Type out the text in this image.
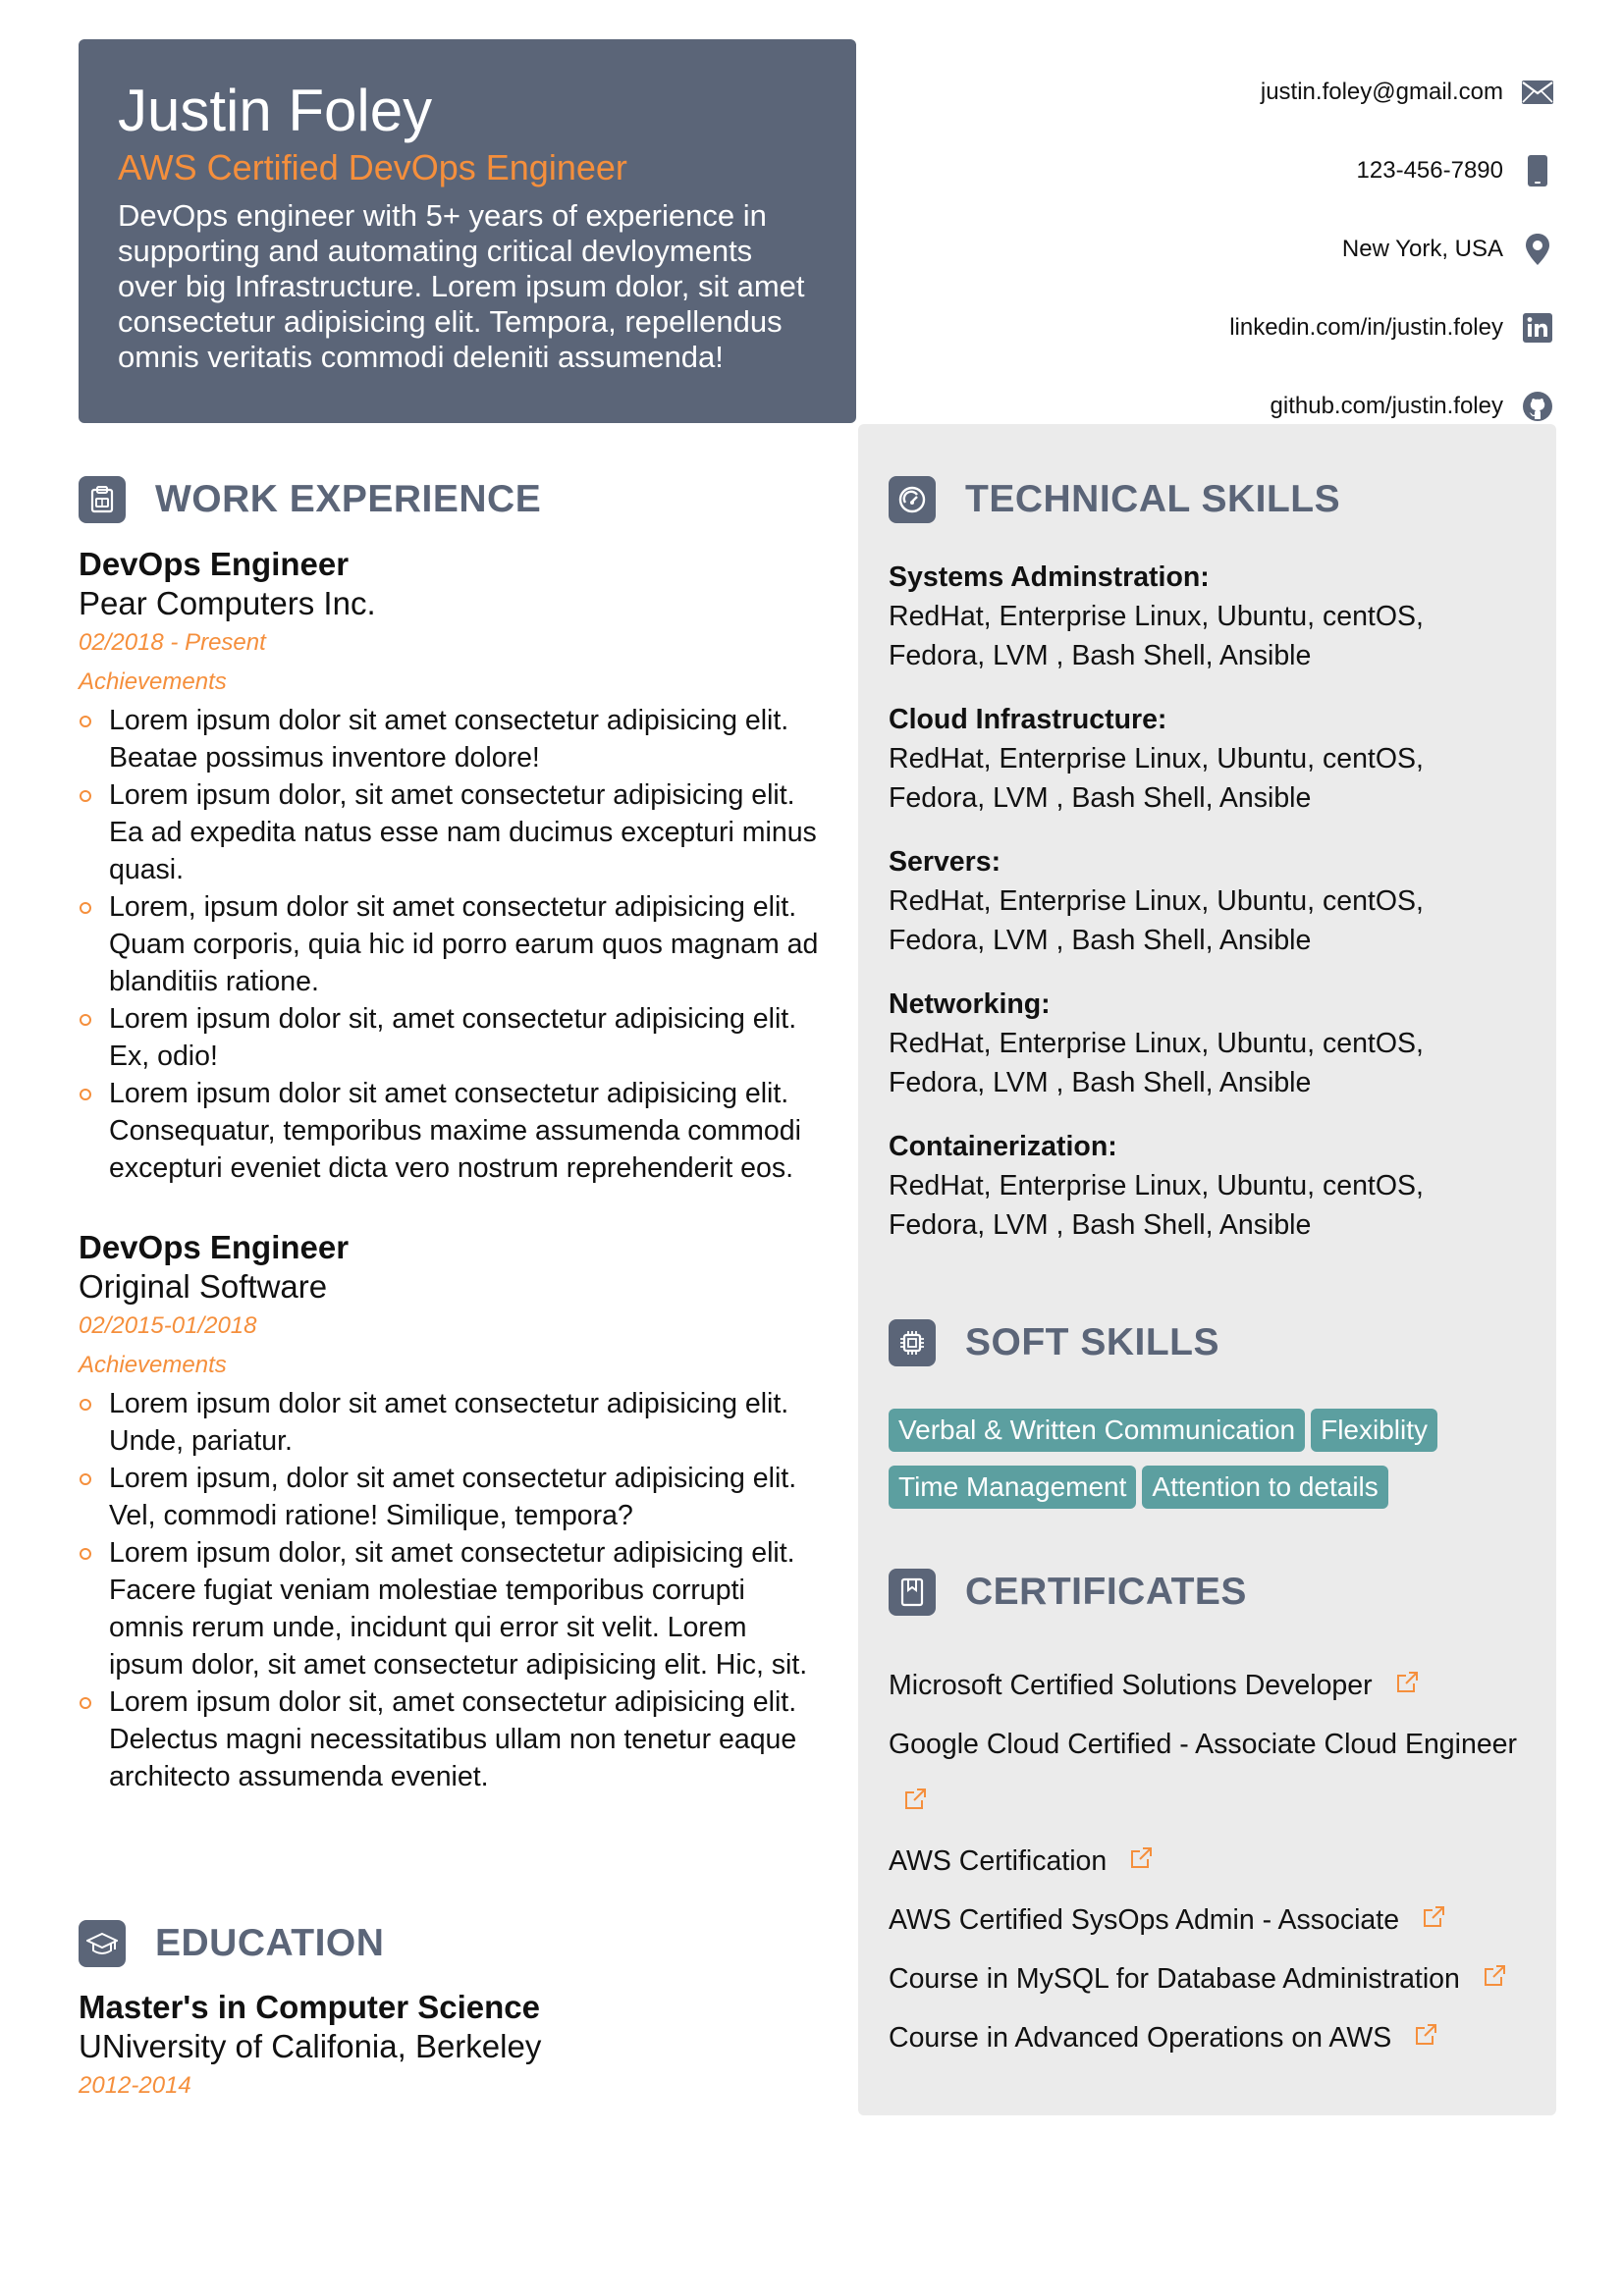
Justin Foley
AWS Certified DevOps Engineer

DevOps engineer with 5+ years of experience in supporting and automating critical devloyments over big Infrastructure. Lorem ipsum dolor, sit amet consectetur adipisicing elit. Tempora, repellendus omnis veritatis commodi deleniti assumenda!

justin.foley@gmail.com
123-456-7890
New York, USA
linkedin.com/in/justin.foley
github.com/justin.foley
WORK EXPERIENCE
DevOps Engineer
Pear Computers Inc.
02/2018 - Present
Achievements
Lorem ipsum dolor sit amet consectetur adipisicing elit. Beatae possimus inventore dolore!
Lorem ipsum dolor, sit amet consectetur adipisicing elit. Ea ad expedita natus esse nam ducimus excepturi minus quasi.
Lorem, ipsum dolor sit amet consectetur adipisicing elit. Quam corporis, quia hic id porro earum quos magnam ad blanditiis ratione.
Lorem ipsum dolor sit, amet consectetur adipisicing elit. Ex, odio!
Lorem ipsum dolor sit amet consectetur adipisicing elit. Consequatur, temporibus maxime assumenda commodi excepturi eveniet dicta vero nostrum reprehenderit eos.
DevOps Engineer
Original Software
02/2015-01/2018
Achievements
Lorem ipsum dolor sit amet consectetur adipisicing elit. Unde, pariatur.
Lorem ipsum, dolor sit amet consectetur adipisicing elit. Vel, commodi ratione! Similique, tempora?
Lorem ipsum dolor, sit amet consectetur adipisicing elit. Facere fugiat veniam molestiae temporibus corrupti omnis rerum unde, incidunt qui error sit velit. Lorem ipsum dolor, sit amet consectetur adipisicing elit. Hic, sit.
Lorem ipsum dolor sit, amet consectetur adipisicing elit. Delectus magni necessitatibus ullam non tenetur eaque architecto assumenda eveniet.
EDUCATION
Master's in Computer Science
UNiversity of Califonia, Berkeley
2012-2014
TECHNICAL SKILLS
Systems Adminstration:
RedHat, Enterprise Linux, Ubuntu, centOS, Fedora, LVM , Bash Shell, Ansible
Cloud Infrastructure:
RedHat, Enterprise Linux, Ubuntu, centOS, Fedora, LVM , Bash Shell, Ansible
Servers:
RedHat, Enterprise Linux, Ubuntu, centOS, Fedora, LVM , Bash Shell, Ansible
Networking:
RedHat, Enterprise Linux, Ubuntu, centOS, Fedora, LVM , Bash Shell, Ansible
Containerization:
RedHat, Enterprise Linux, Ubuntu, centOS, Fedora, LVM , Bash Shell, Ansible
SOFT SKILLS
Verbal & Written Communication Flexiblity
Time Management Attention to details
CERTIFICATES
Microsoft Certified Solutions Developer
Google Cloud Certified - Associate Cloud Engineer
AWS Certification
AWS Certified SysOps Admin - Associate
Course in MySQL for Database Administration
Course in Advanced Operations on AWS
